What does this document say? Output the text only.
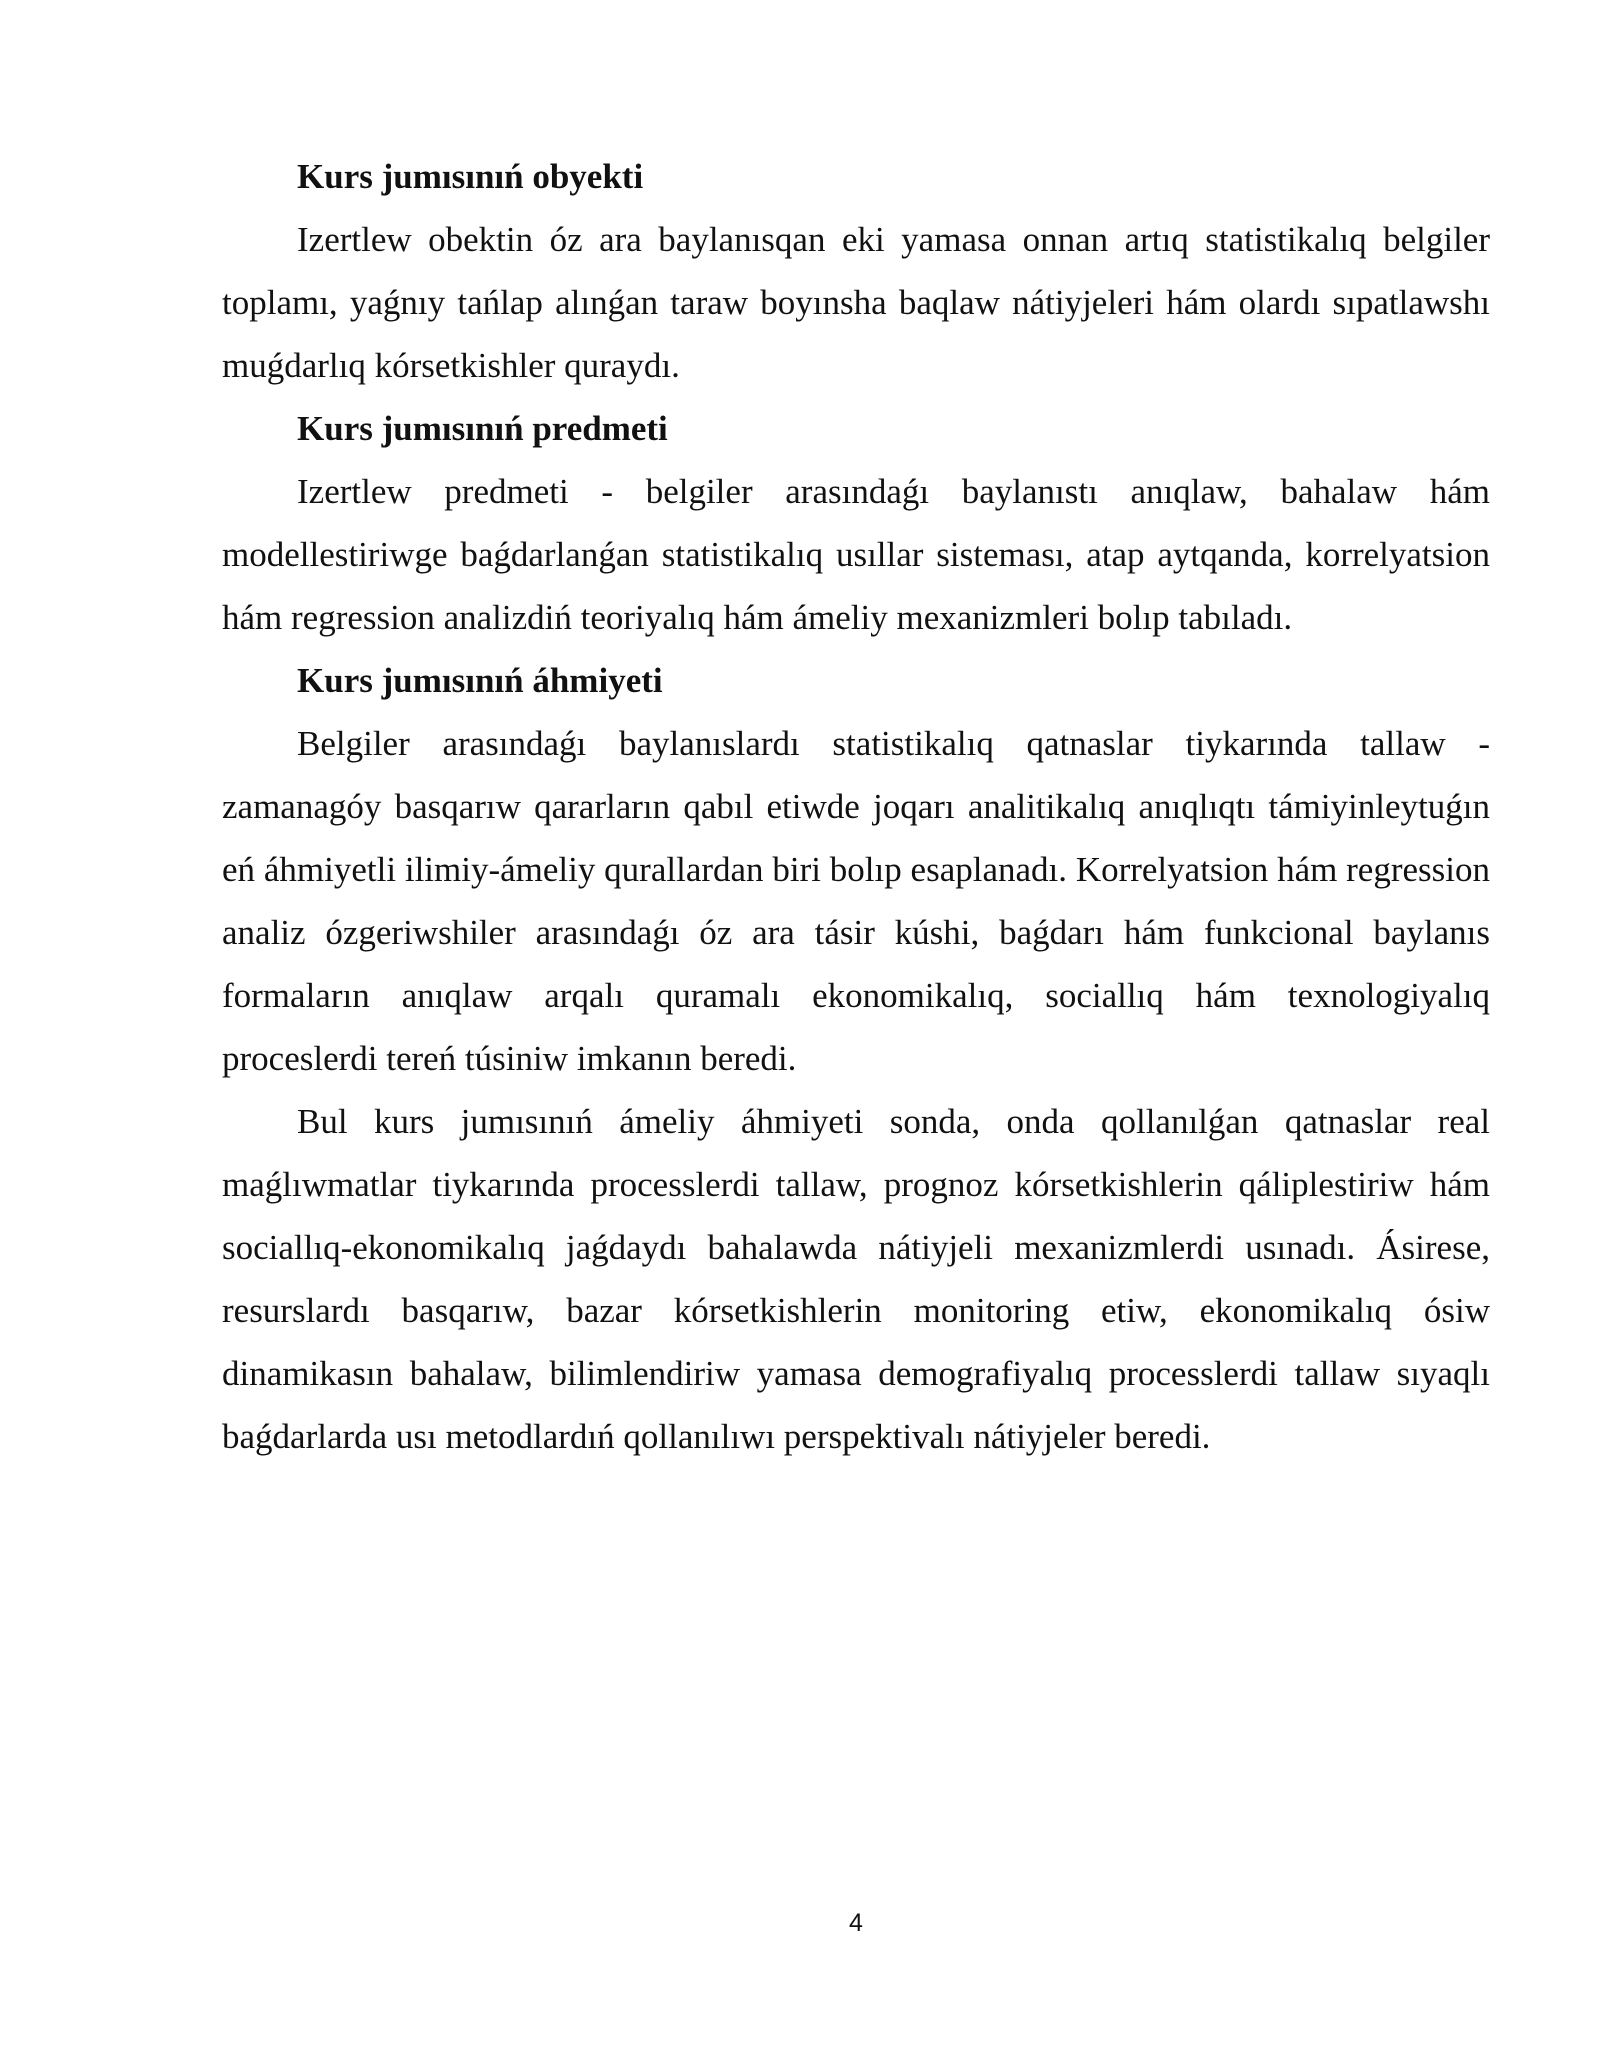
Kurs jumısınıń obyekti

Izertlew obektin óz ara baylanısqan eki yamasa onnan artıq statistikalıq belgiler toplamı, yaǵnıy tańlap alınǵan taraw boyınsha baqlaw nátiyjeleri hám olardı sıpatlawshı muǵdarlıq kórsetkishler quraydı.

Kurs jumısınıń predmeti

Izertlew predmeti - belgiler arasındaǵı baylanıstı anıqlaw, bahalaw hám modellestiriwge baǵdarlanǵan statistikalıq usıllar sisteması, atap aytqanda, korrelyatsion hám regression analizdiń teoriyalıq hám ámeliy mexanizmleri bolıp tabıladı.

Kurs jumısınıń áhmiyeti

Belgiler arasındaǵı baylanıslardı statistikalıq qatnaslar tiykarında tallaw - zamanagóy basqarıw qararların qabıl etiwde joqarı analitikalıq anıqlıqtı támiyinleytuǵın eń áhmiyetli ilimiy-ámeliy qurallardan biri bolıp esaplanadı. Korrelyatsion hám regression analiz ózgeriwshiler arasındaǵı óz ara tásir kúshi, baǵdarı hám funkcional baylanıs formaların anıqlaw arqalı quramalı ekonomikalıq, sociallıq hám texnologiyalıq proceslerdi tereń túsiniw imkanın beredi.

Bul kurs jumısınıń ámeliy áhmiyeti sonda, onda qollanılǵan qatnaslar real maǵlıwmatlar tiykarında processlerdi tallaw, prognoz kórsetkishlerin qáliplestiriw hám sociallıq-ekonomikalıq jaǵdaydı bahalawda nátiyjeli mexanizmlerdi usınadı. Ásirese, resurslardı basqarıw, bazar kórsetkishlerin monitoring etiw, ekonomikalıq ósiw dinamikasın bahalaw, bilimlendiriw yamasa demografiyalıq processlerdi tallaw sıyaqlı baǵdarlarda usı metodlardıń qollanılıwı perspektivalı nátiyjeler beredi.

4
